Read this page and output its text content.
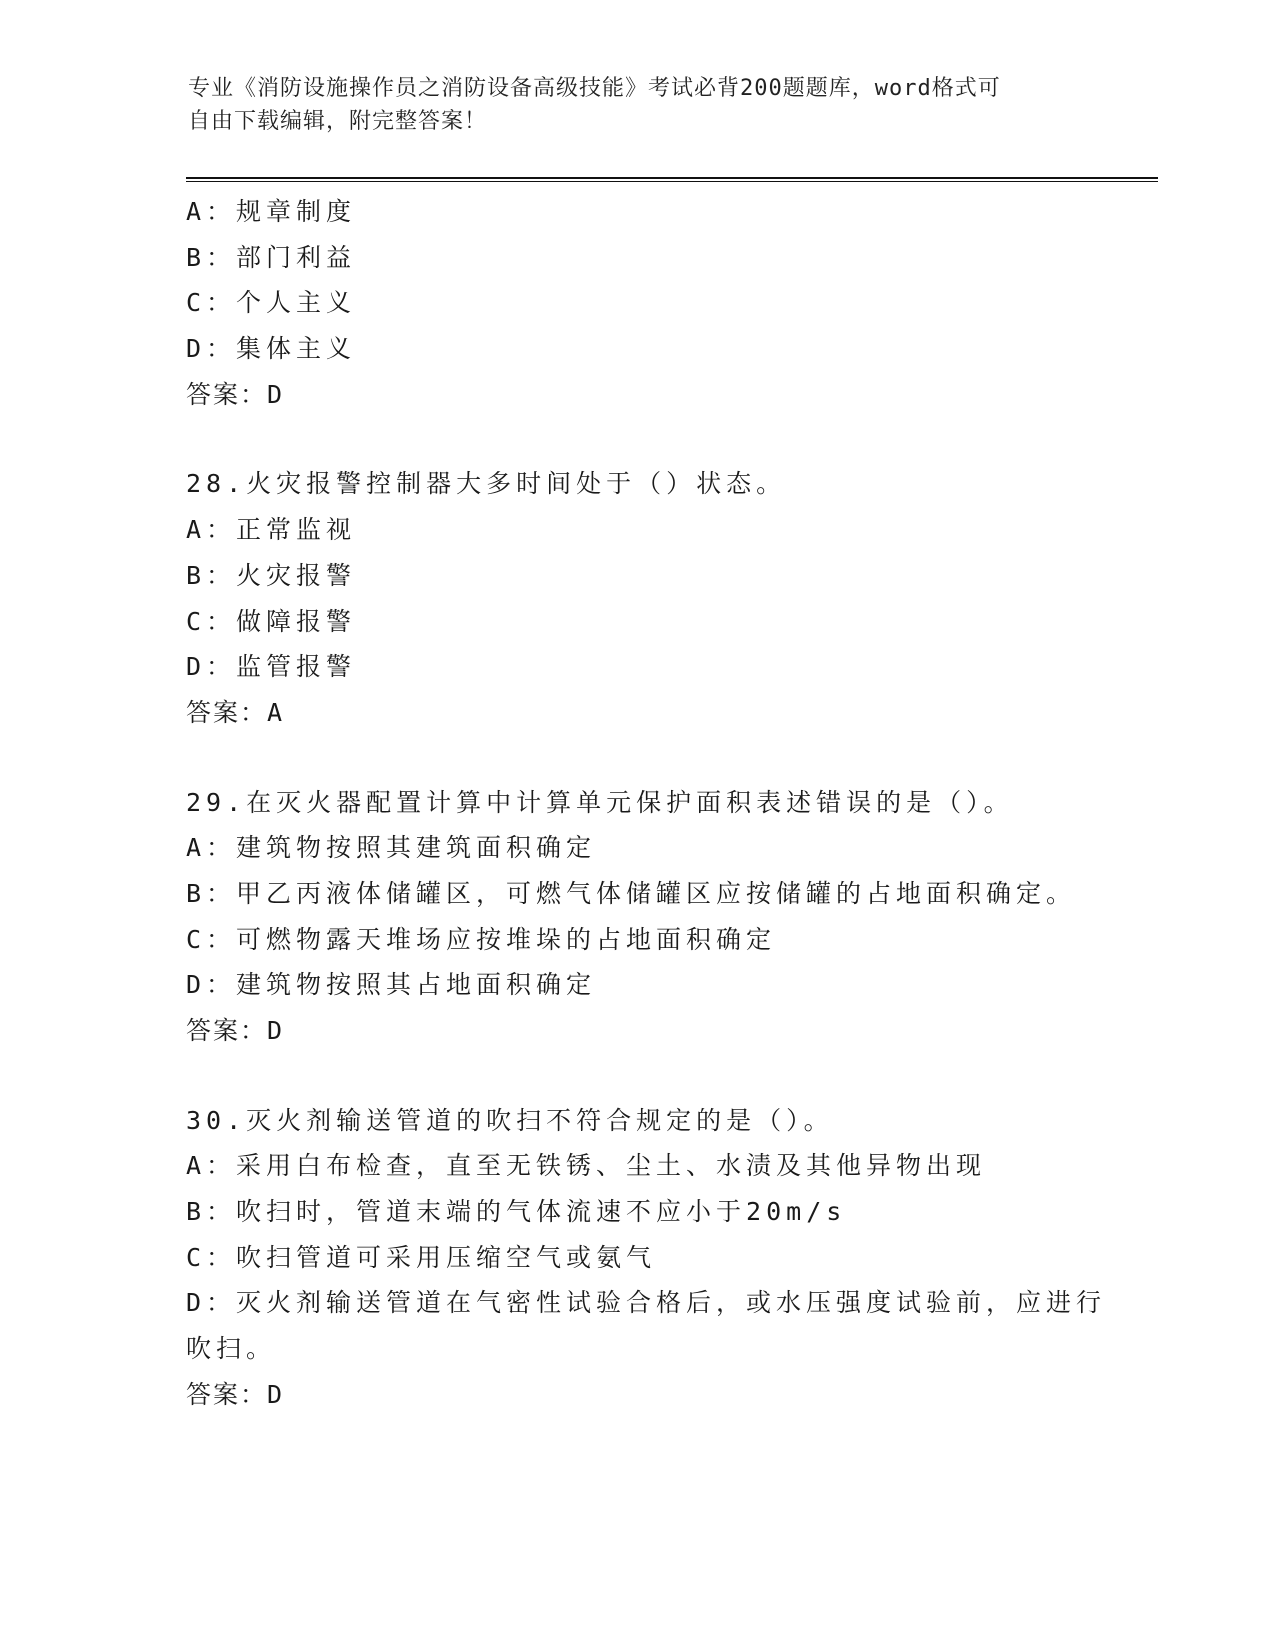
专业《消防设施操作员之消防设备高级技能》考试必背200题题库，word格式可
自由下载编辑，附完整答案！
A：规章制度
B：部门利益
C：个人主义
D：集体主义
答案：D
28.火灾报警控制器大多时间处于（）状态。
A：正常监视
B：火灾报警
C：做障报警
D：监管报警
答案：A
29.在灭火器配置计算中计算单元保护面积表述错误的是（）。
A：建筑物按照其建筑面积确定
B：甲乙丙液体储罐区，可燃气体储罐区应按储罐的占地面积确定。
C：可燃物露天堆场应按堆垛的占地面积确定
D：建筑物按照其占地面积确定
答案：D
30.灭火剂输送管道的吹扫不符合规定的是（）。
A：采用白布检查，直至无铁锈、尘土、水渍及其他异物出现
B：吹扫时，管道末端的气体流速不应小于20m/s
C：吹扫管道可采用压缩空气或氨气
D：灭火剂输送管道在气密性试验合格后，或水压强度试验前，应进行
吹扫。
答案：D
